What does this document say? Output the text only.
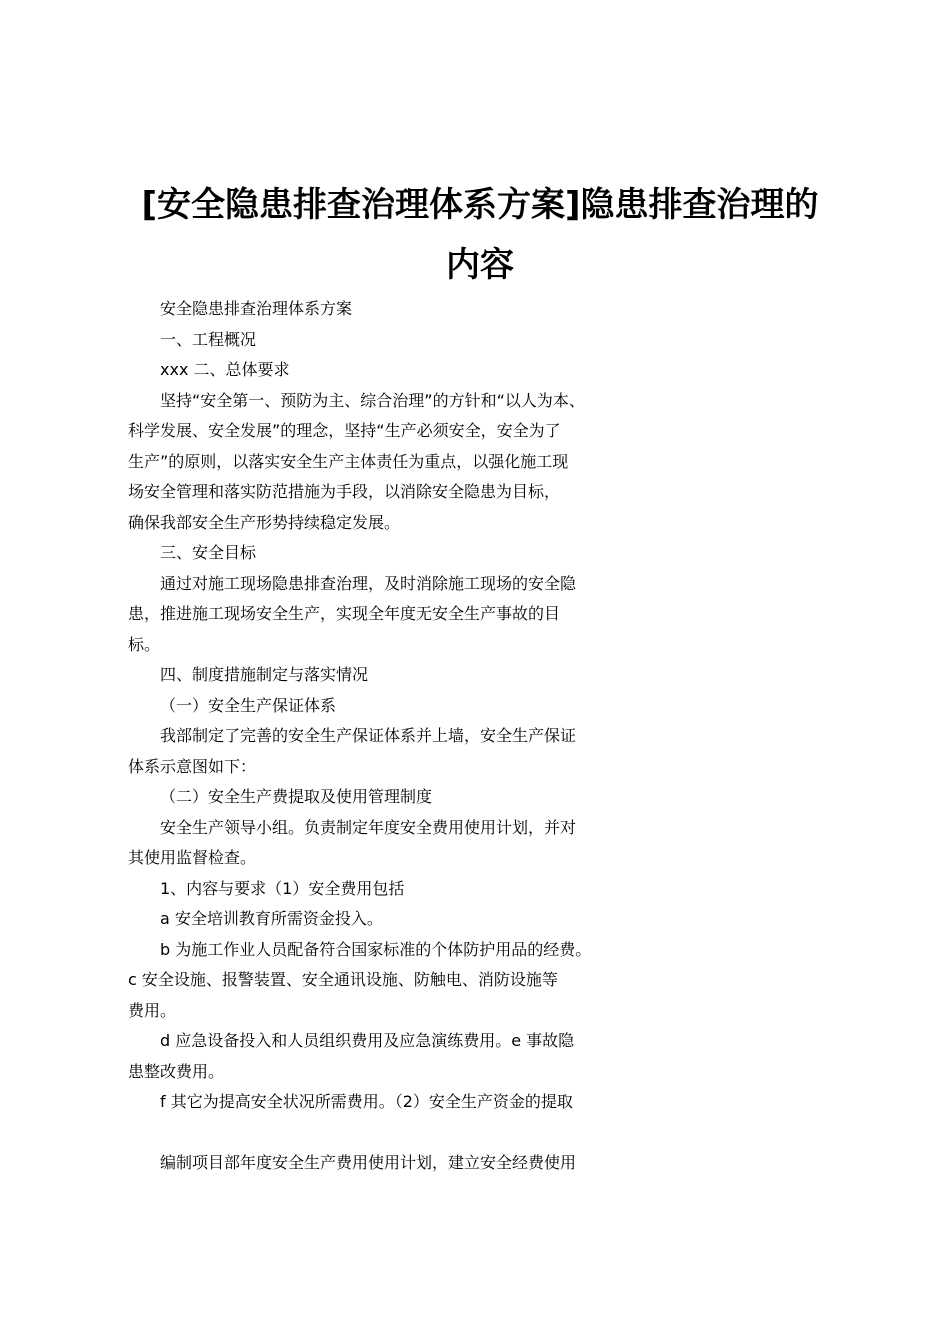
[安全隐患排查治理体系方案]隐患排查治理的
内容
安全隐患排查治理体系方案
一、工程概况
xxx 二、总体要求
坚持“安全第一、预防为主、综合治理”的方针和“以人为本、
科学发展、安全发展”的理念，坚持“生产必须安全，安全为了
生产”的原则，以落实安全生产主体责任为重点，以强化施工现
场安全管理和落实防范措施为手段，以消除安全隐患为目标，
确保我部安全生产形势持续稳定发展。
三、安全目标
通过对施工现场隐患排查治理，及时消除施工现场的安全隐
患，推进施工现场安全生产，实现全年度无安全生产事故的目
标。
四、制度措施制定与落实情况
（一）安全生产保证体系
我部制定了完善的安全生产保证体系并上墙，安全生产保证
体系示意图如下：
（二）安全生产费提取及使用管理制度
安全生产领导小组。负责制定年度安全费用使用计划，并对
其使用监督检查。
1、内容与要求（1）安全费用包括
a 安全培训教育所需资金投入。
b 为施工作业人员配备符合国家标准的个体防护用品的经费。
c 安全设施、报警装置、安全通讯设施、防触电、消防设施等
费用。
d 应急设备投入和人员组织费用及应急演练费用。e 事故隐
患整改费用。
f 其它为提高安全状况所需费用。（2）安全生产资金的提取
编制项目部年度安全生产费用使用计划，建立安全经费使用
